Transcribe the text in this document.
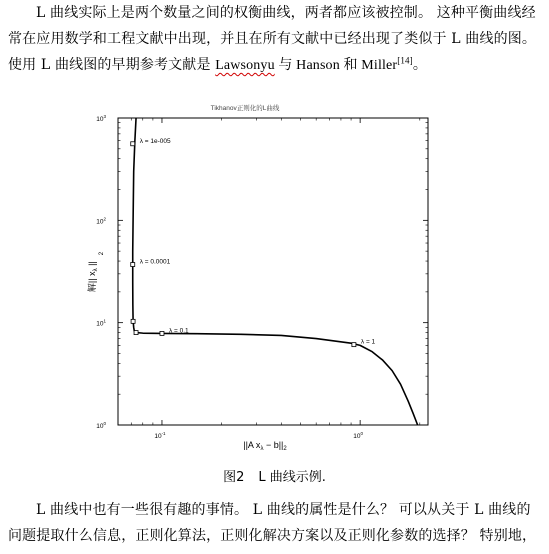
L 曲线实际上是两个数量之间的权衡曲线，两者都应该被控制。 这种平衡曲线经

常在应用数学和工程文献中出现，并且在所有文献中已经出现了类似于 L 曲线的图。

使用 L 曲线图的早期参考文献是 Lawsonyu 与 Hanson 和 Miller[14]。

Tikhanov正则化的L曲线
$10^{-1}$	$10^0$
$10^0$
$10^1$
$10^2$
$10^3$
λ = 1e-005
λ = 0.0001
λ = 0.1
λ = 1
||A $x_\lambda - b||_2$
解|| $x_\lambda$ $||_2$
图2 L 曲线示例.

L 曲线中也有一些很有趣的事情。 L 曲线的属性是什么？ 可以从关于 L 曲线的

问题提取什么信息，正则化算法，正则化解决方案以及正则化参数的选择？ 特别地，
